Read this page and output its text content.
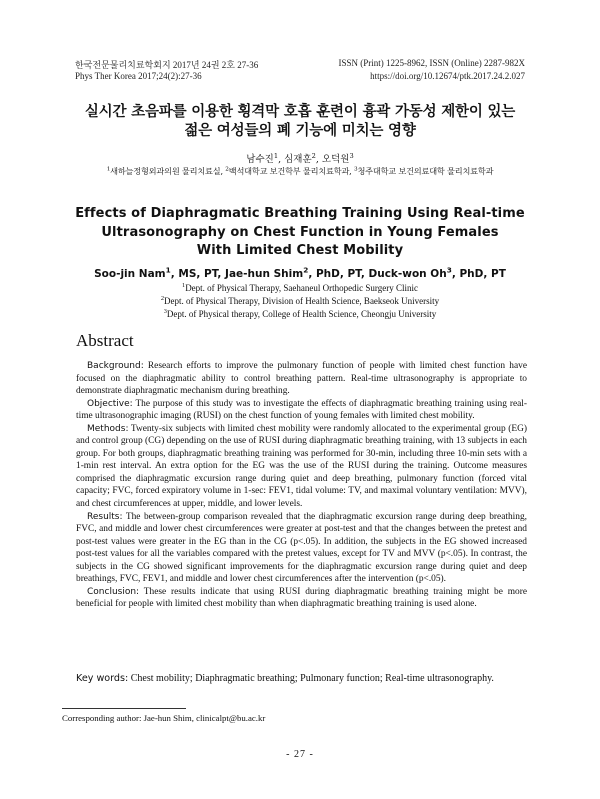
한국전문물리치료학회지 2017년 24권 2호 27-36
Phys Ther Korea 2017;24(2):27-36
ISSN (Print) 1225-8962, ISSN (Online) 2287-982X
https://doi.org/10.12674/ptk.2017.24.2.027
실시간 초음파를 이용한 횡격막 호흡 훈련이 흉곽 가동성 제한이 있는
젊은 여성들의 폐 기능에 미치는 영향
남수진$^1$, 심재훈$^2$, 오덕원$^3$
$^1$새하늘정형외과의원 물리치료실, $^2$백석대학교 보건학부 물리치료학과, $^3$청주대학교 보건의료대학 물리치료학과
Effects of Diaphragmatic Breathing Training Using Real-time
Ultrasonography on Chest Function in Young Females
With Limited Chest Mobility
Soo-jin Nam$^1$, MS, PT, Jae-hun Shim$^2$, PhD, PT, Duck-won Oh$^3$, PhD, PT
$^1$Dept. of Physical Therapy, Saehaneul Orthopedic Surgery Clinic
$^2$Dept. of Physical Therapy, Division of Health Science, Baekseok University
$^3$Dept. of Physical therapy, College of Health Science, Cheongju University
Abstract

Background: Research efforts to improve the pulmonary function of people with limited chest function have focused on the diaphragmatic ability to control breathing pattern. Real-time ultrasonography is appropriate to demonstrate diaphragmatic mechanism during breathing.

Objective: The purpose of this study was to investigate the effects of diaphragmatic breathing training using real-time ultrasonographic imaging (RUSI) on the chest function of young females with limited chest mobility.

Methods: Twenty-six subjects with limited chest mobility were randomly allocated to the experimental group (EG) and control group (CG) depending on the use of RUSI during diaphragmatic breathing training, with 13 subjects in each group. For both groups, diaphragmatic breathing training was performed for 30-min, including three 10-min sets with a 1-min rest interval. An extra option for the EG was the use of the RUSI during the training. Outcome measures comprised the diaphragmatic excursion range during quiet and deep breathing, pulmonary function (forced vital capacity; FVC, forced expiratory volume in 1-sec: FEV1, tidal volume: TV, and maximal voluntary ventilation: MVV), and chest circumferences at upper, middle, and lower levels.

Results: The between-group comparison revealed that the diaphragmatic excursion range during deep breathing, FVC, and middle and lower chest circumferences were greater at post-test and that the changes between the pretest and post-test values were greater in the EG than in the CG (p<.05). In addition, the subjects in the EG showed increased post-test values for all the variables compared with the pretest values, except for TV and MVV (p<.05). In contrast, the subjects in the CG showed significant improvements for the diaphragmatic excursion range during quiet and deep breathings, FVC, FEV1, and middle and lower chest circumferences after the intervention (p<.05).

Conclusion: These results indicate that using RUSI during diaphragmatic breathing training might be more beneficial for people with limited chest mobility than when diaphragmatic breathing training is used alone.

Key words: Chest mobility; Diaphragmatic breathing; Pulmonary function; Real-time ultrasonography.
Corresponding author: Jae-hun Shim, clinicalpt@bu.ac.kr
- 27 -
